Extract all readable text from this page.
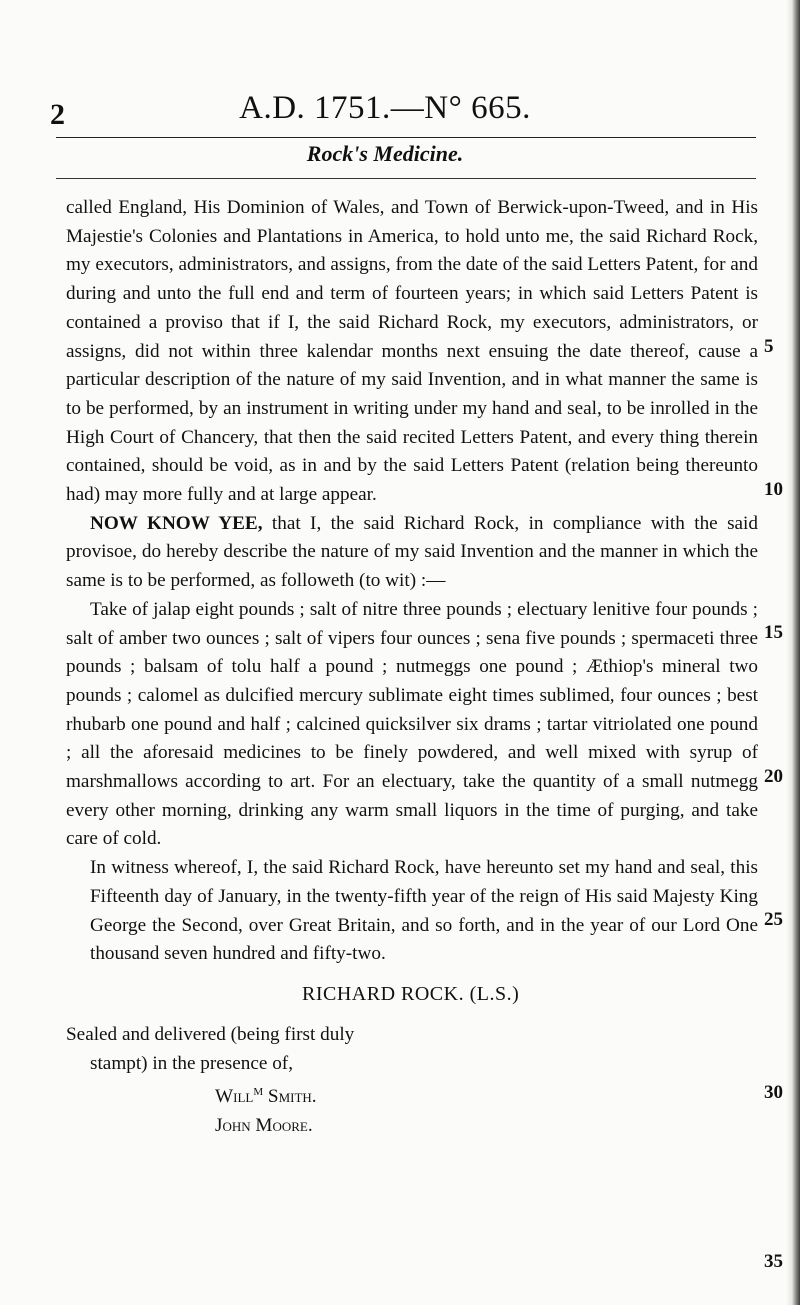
2	A.D. 1751.—N° 665.
Rock's Medicine.

called England, His Dominion of Wales, and Town of Berwick-upon-Tweed, and in His Majestie's Colonies and Plantations in America, to hold unto me, the said Richard Rock, my executors, administrators, and assigns, from the date of the said Letters Patent, for and during and unto the full end and term of fourteen years; in which said Letters Patent is contained a proviso that if I, the said Richard Rock, my executors, administrators, or assigns, did not within three kalendar months next ensuing the date thereof, cause a particular description of the nature of my said Invention, and in what manner the same is to be performed, by an instrument in writing under my hand and seal, to be inrolled in the High Court of Chancery, that then the said recited Letters Patent, and every thing therein contained, should be void, as in and by the said Letters Patent (relation being thereunto had) may more fully and at large appear.

NOW KNOW YEE, that I, the said Richard Rock, in compliance with the said provisoe, do hereby describe the nature of my said Invention and the manner in which the same is to be performed, as followeth (to wit) :—

Take of jalap eight pounds ; salt of nitre three pounds ; electuary lenitive four pounds ; salt of amber two ounces ; salt of vipers four ounces ; sena five pounds ; spermaceti three pounds ; balsam of tolu half a pound ; nutmeggs one pound ; Æthiop's mineral two pounds ; calomel as dulcified mercury sublimate eight times sublimed, four ounces ; best rhubarb one pound and half ; calcined quicksilver six drams ; tartar vitriolated one pound ; all the aforesaid medicines to be finely powdered, and well mixed with syrup of marshmallows according to art. For an electuary, take the quantity of a small nutmegg every other morning, drinking any warm small liquors in the time of purging, and take care of cold.

In witness whereof, I, the said Richard Rock, have hereunto set my hand and seal, this Fifteenth day of January, in the twenty-fifth year of the reign of His said Majesty King George the Second, over Great Britain, and so forth, and in the year of our Lord One thousand seven hundred and fifty-two.

RICHARD ROCK. (L.S.)

Sealed and delivered (being first duly
stampt) in the presence of,
Will$^M$ Smith.
John Moore.
5
10
15
20
25
30
35
